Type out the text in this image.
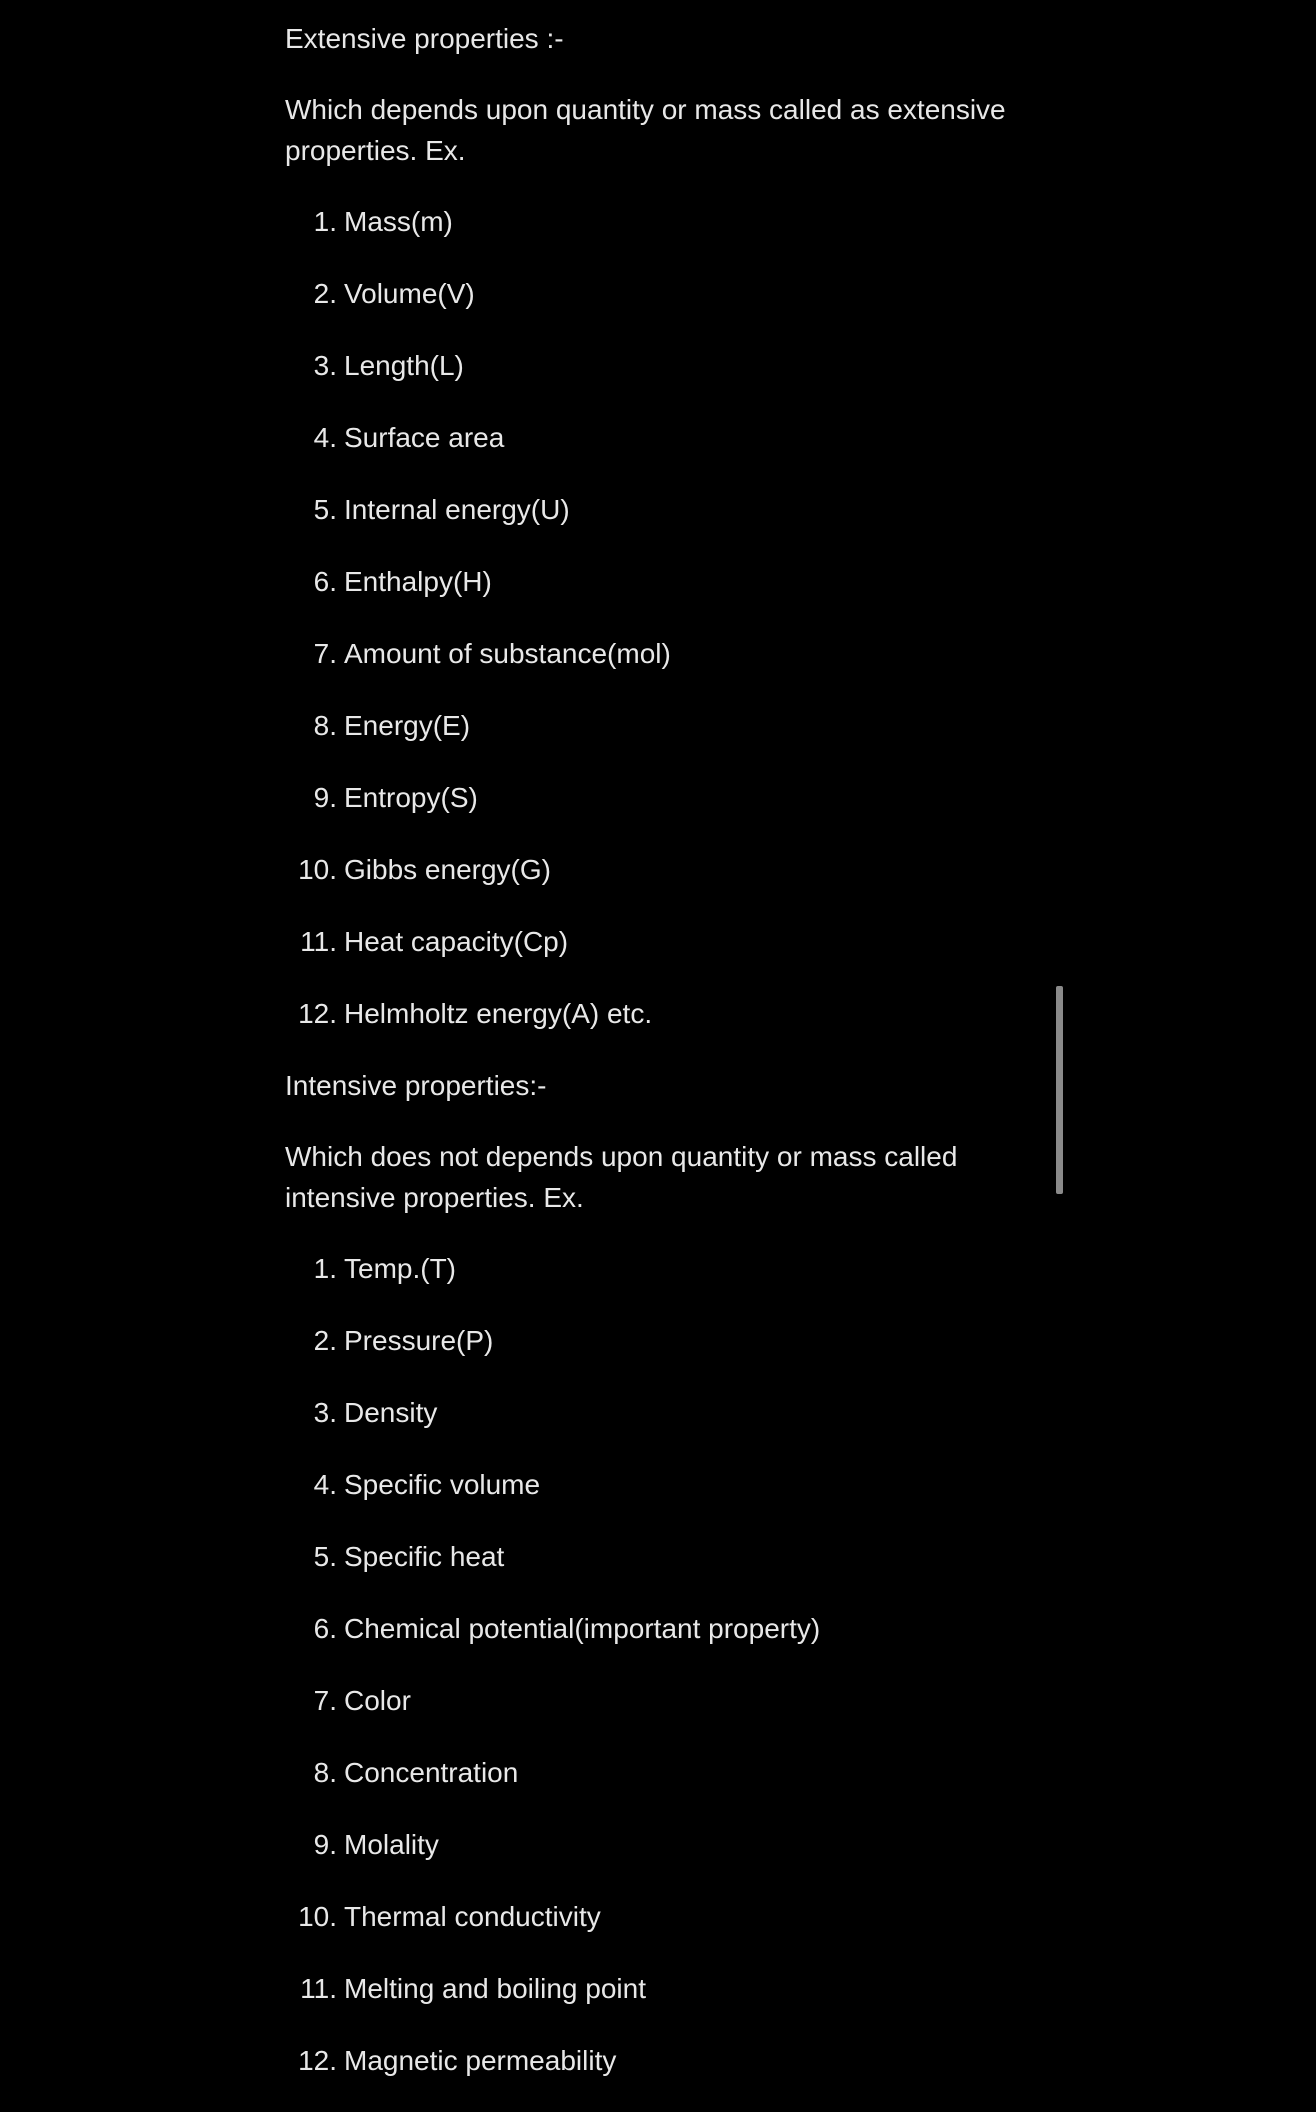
Extensive properties :-
Which depends upon quantity or mass called as extensive properties. Ex.
1. Mass(m)
2. Volume(V)
3. Length(L)
4. Surface area
5. Internal energy(U)
6. Enthalpy(H)
7. Amount of substance(mol)
8. Energy(E)
9. Entropy(S)
10. Gibbs energy(G)
11. Heat capacity(Cp)
12. Helmholtz energy(A) etc.
Intensive properties:-
Which does not depends upon quantity or mass called intensive properties. Ex.
1. Temp.(T)
2. Pressure(P)
3. Density
4. Specific volume
5. Specific heat
6. Chemical potential(important property)
7. Color
8. Concentration
9. Molality
10. Thermal conductivity
11. Melting and boiling point
12. Magnetic permeability
